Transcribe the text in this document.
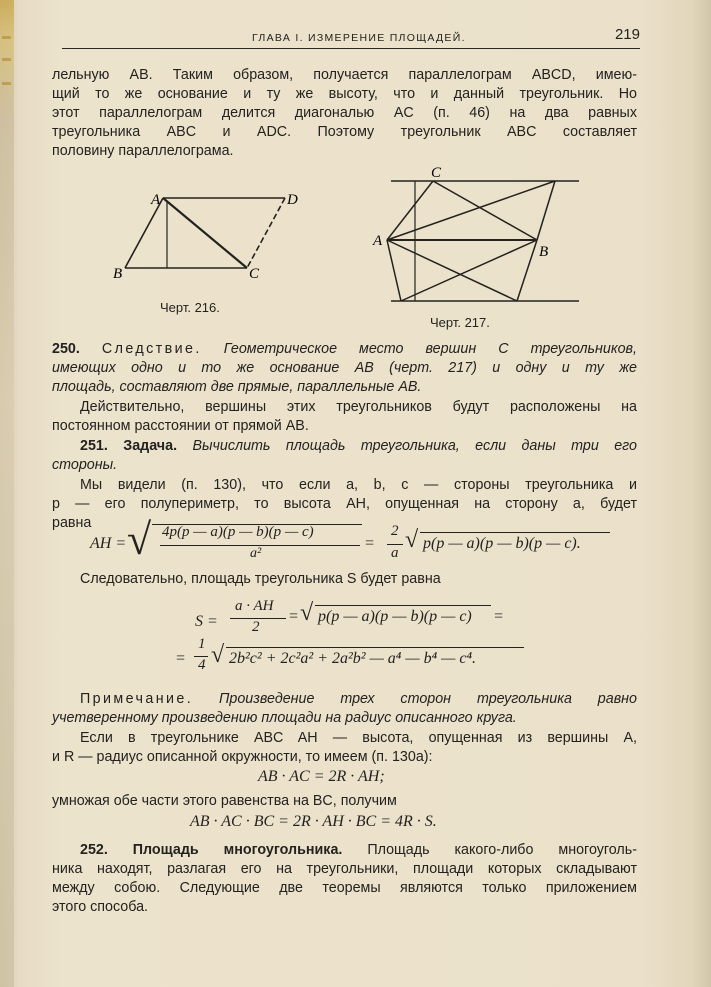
ГЛАВА I. ИЗМЕРЕНИЕ ПЛОЩАДЕЙ.	219
лельную АВ. Таким образом, получается параллелограм ABCD, имею-
щий то же основание и ту же высоту, что и данный треугольник. Но
этот параллелограм делится диагональю AC (п. 46) на два равных
треугольника ABC и ADC. Поэтому треугольник ABC составляет
половину параллелограма.
A	D
B	C
Черт. 216.
C
A
B
Черт. 217.
250. Следствие. Геометрическое место вершин C треугольников,
имеющих одно и то же основание AB (черт. 217) и одну и ту же
площадь, составляют две прямые, параллельные AB.
Действительно, вершины этих треугольников будут расположены на
постоянном расстоянии от прямой AB.
251. Задача. Вычислить площадь треугольника, если даны три его
стороны.
Мы видели (п. 130), что если a, b, c — стороны треугольника и
p — его полупериметр, то высота AH, опущенная на сторону a, будет
равна
AH = √ 4p(p — a)(p — b)(p — c)
a²
=
2
a √ p(p — a)(p — b)(p — c).
Следовательно, площадь треугольника S будет равна
S =
a · AH
2
= √ p(p — a)(p — b)(p — c) =
=
1
4 √ 2b²c² + 2c²a² + 2a²b² — a⁴ — b⁴ — c⁴.
Примечание. Произведение трех сторон треугольника равно
учетверенному произведению площади на радиус описанного круга.
Если в треугольнике ABC AH — высота, опущенная из вершины A,
и R — радиус описанной окружности, то имеем (п. 130a):
AB · AC = 2R · AH;
умножая обе части этого равенства на BC, получим
AB · AC · BC = 2R · AH · BC = 4R · S.
252. Площадь многоугольника. Площадь какого-либо многоуголь-
ника находят, разлагая его на треугольники, площади которых складывают
между собою. Следующие две теоремы являются только приложением
этого способа.
